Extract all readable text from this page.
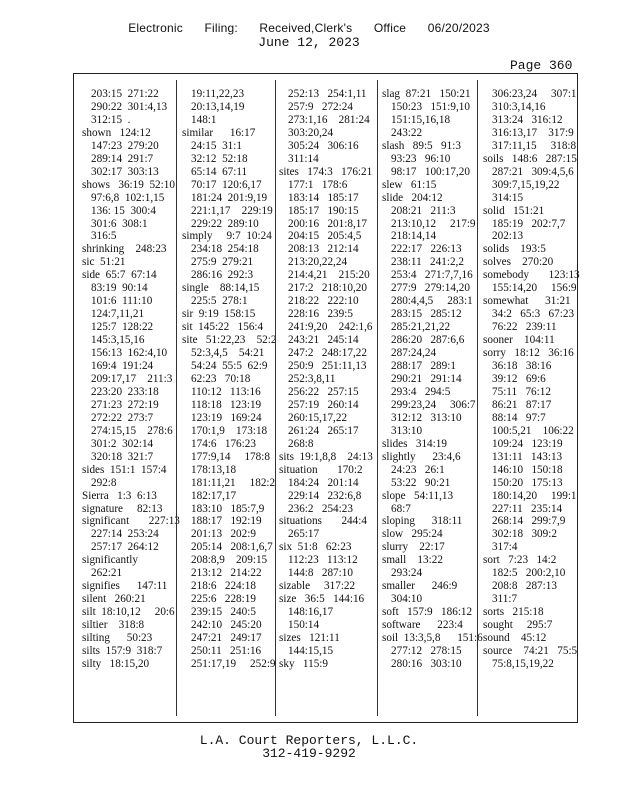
Electronic Filing: Received,Clerk's Office 06/20/2023
June 12, 2023
Page 360
203:15  271:22
290:22  301:4,13
312:15  .
shown   124:12
147:23  279:20
289:14  291:7
302:17  303:13
shows   36:19  52:10
97:6,8  102:1,15
136: 15  300:4
301:6  308:1
316:5
shrinking    248:23
sic  51:21
side  65:7  67:14
83:19  90:14
101:6  111:10
124:7,11,21
125:7  128:22
145:3,15,16
156:13  162:4,10
169:4  191:24
209:17,17    211:3
223:20  233:18
271:23  272:19
272:22  273:7
274:15,15    278:6
301:2  302:14
320:18  321:7
sides  151:1  157:4
292:8
Sierra   1:3  6:13
signature     82:13
significant       227:13
227:14  253:24
257:17  264:12
significantly
262:21
signifies      147:11
silent   260:21
silt  18:10,12     20:6
siltier    318:8
silting      50:23
silts  157:9  318:7
silty   18:15,20
19:11,22,23
20:13,14,19
148:1
similar      16:17
24:15  31:1
32:12  52:18
65:14  67:11
70:17  120:6,17
181:24  201:9,19
221:1,17    229:19
229:22  289:10
simply     9:7  10:24
234:18  254:18
275:9  279:21
286:16  292:3
single    88:14,15
225:5  278:1
sir  9:19  158:15
sit  145:22   156:4
site   51:22,23    52:2
52:3,4,5    54:21
54:24  55:5  62:9
62:23   70:18
110:12   113:16
118:18   123:19
123:19   169:24
170:1,9    173:18
174:6   176:23
177:9,14     178:8
178:13,18
181:11,21     182:2
182:17,17
183:10   185:7,9
188:17   192:19
201:13   202:9
205:14   208:1,6,7
208:8,9    209:15
213:12   214:22
218:6   224:18
225:6   228:19
239:15   240:5
242:10   245:20
247:21   249:17
250:11   251:16
251:17,19     252:9
252:13   254:1,11
257:9   272:24
273:1,16    281:24
303:20,24
305:24   306:16
311:14
sites   174:3   176:21
177:1   178:6
183:14   185:17
185:17   190:15
200:16   201:8,17
204:15   205:4,5
208:13   212:14
213:20,22,24
214:4,21    215:20
217:2   218:10,20
218:22   222:10
228:16   239:5
241:9,20    242:1,6
243:21   245:14
247:2   248:17,22
250:9   251:11,13
252:3,8,11
256:22   257:15
257:19   260:14
260:15,17,22
261:24   265:17
268:8
sits  19:1,8,8    24:13
situation       170:2
184:24   201:14
229:14   232:6,8
236:2   254:23
situations       244:4
265:17
six  51:8   62:23
112:23   113:12
144:8   287:10
sizable     317:22
size   36:5   144:16
148:16,17
150:14
sizes   121:11
144:15,15
sky   115:9
slag  87:21   150:21
150:23   151:9,10
151:15,16,18
243:22
slash   89:5   91:3
93:23   96:10
98:17   100:17,20
slew   61:15
slide   204:12
208:21   211:3
213:10,12     217:9
218:14,14
222:17   226:13
238:11   241:2,2
253:4   271:7,7,16
277:9   279:14,20
280:4,4,5     283:1
283:15   285:12
285:21,21,22
286:20   287:6,6
287:24,24
288:17   289:1
290:21   291:14
293:4   294:5
299:23,24     306:7
312:12   313:10
313:10
slides   314:19
slightly      23:4,6
24:23   26:1
53:22   90:21
slope   54:11,13
68:7
sloping      318:11
slow   295:24
slurry    22:17
small    13:22
293:24
smaller      246:9
304:10
soft   157:9   186:12
software      223:4
soil  13:3,5,8      151:6
277:12   278:15
280:16   303:10
306:23,24     307:1
310:3,14,16
313:24   316:12
316:13,17    317:9
317:11,15     318:8
soils   148:6   287:15
287:21   309:4,5,6
309:7,15,19,22
314:15
solid   151:21
185:19   202:7,7
202:13
solids    193:5
solves    270:20
somebody       123:13
155:14,20     156:9
somewhat      31:21
34:2   65:3   67:23
76:22   239:11
sooner    104:11
sorry   18:12   36:16
36:18   38:16
39:12   69:6
75:11   76:12
86:21   87:17
88:14   97:7
100:5,21    106:22
109:24   123:19
131:11   143:13
146:10   150:18
150:20   175:13
180:14,20     199:1
227:11   235:14
268:14   299:7,9
302:18   309:2
317:4
sort   7:23   14:2
182:5   200:2,10
208:8   287:13
311:7
sorts   215:18
sought     295:7
sound    45:12
source    74:21   75:5
75:8,15,19,22
L.A. Court Reporters, L.L.C.
312-419-9292
